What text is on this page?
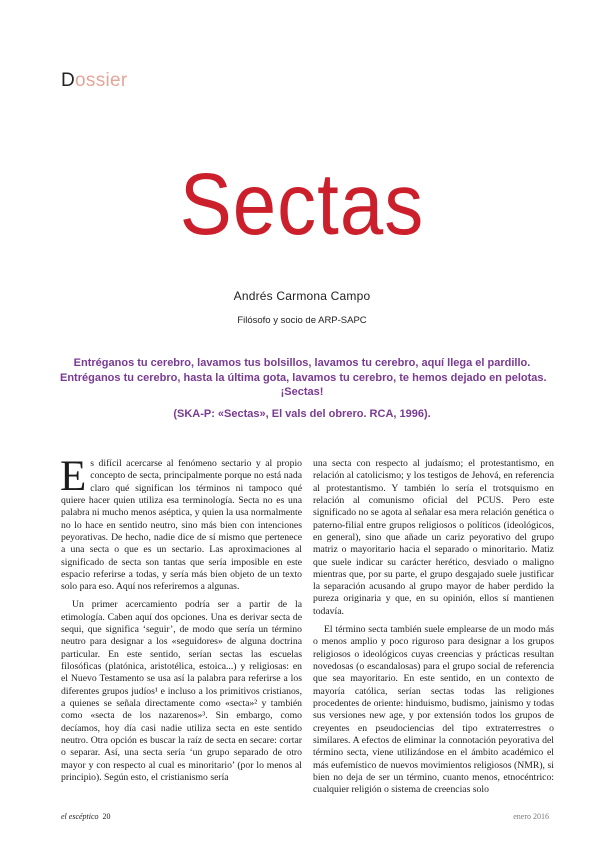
Dossier
Sectas
Andrés Carmona Campo
Filósofo y socio de ARP-SAPC
Entréganos tu cerebro, lavamos tus bolsillos, lavamos tu cerebro, aquí llega el pardillo.
Entréganos tu cerebro, hasta la última gota, lavamos tu cerebro, te hemos dejado en pelotas.
¡Sectas!
(SKA-P: «Sectas», El vals del obrero. RCA, 1996).
E s difícil acercarse al fenómeno sectario y al propio concepto de secta, principalmente porque no está nada claro qué significan los términos ni tampoco qué quiere hacer quien utiliza esa terminología. Secta no es una palabra ni mucho menos aséptica, y quien la usa normalmente no lo hace en sentido neutro, sino más bien con intenciones peyorativas. De hecho, nadie dice de sí mismo que pertenece a una secta o que es un sectario. Las aproximaciones al significado de secta son tantas que sería imposible en este espacio referirse a todas, y sería más bien objeto de un texto solo para eso. Aquí nos referiremos a algunas.

Un primer acercamiento podría ser a partir de la etimología. Caben aquí dos opciones. Una es derivar secta de sequi, que significa ‘seguir’, de modo que sería un término neutro para designar a los «seguidores» de alguna doctrina particular. En este sentido, serían sectas las escuelas filosóficas (platónica, aristotélica, estoica...) y religiosas: en el Nuevo Testamento se usa así la palabra para referirse a los diferentes grupos judíos¹ e incluso a los primitivos cristianos, a quienes se señala directamente como «secta»² y también como «secta de los nazarenos»³. Sin embargo, como decíamos, hoy día casi nadie utiliza secta en este sentido neutro. Otra opción es buscar la raíz de secta en secare: cortar o separar. Así, una secta sería ‘un grupo separado de otro mayor y con respecto al cual es minoritario’ (por lo menos al principio). Según esto, el cristianismo sería

una secta con respecto al judaísmo; el protestantismo, en relación al catolicismo; y los testigos de Jehová, en referencia al protestantismo. Y también lo sería el trotsquismo en relación al comunismo oficial del PCUS. Pero este significado no se agota al señalar esa mera relación genética o paterno-filial entre grupos religiosos o políticos (ideológicos, en general), sino que añade un cariz peyorativo del grupo matriz o mayoritario hacia el separado o minoritario. Matiz que suele indicar su carácter herético, desviado o maligno mientras que, por su parte, el grupo desgajado suele justificar la separación acusando al grupo mayor de haber perdido la pureza originaria y que, en su opinión, ellos sí mantienen todavía.

El término secta también suele emplearse de un modo más o menos amplio y poco riguroso para designar a los grupos religiosos o ideológicos cuyas creencias y prácticas resultan novedosas (o escandalosas) para el grupo social de referencia que sea mayoritario. En este sentido, en un contexto de mayoría católica, serían sectas todas las religiones procedentes de oriente: hinduismo, budismo, jainismo y todas sus versiones new age, y por extensión todos los grupos de creyentes en pseudociencias del tipo extraterrestres o similares. A efectos de eliminar la connotación peyorativa del término secta, viene utilizándose en el ámbito académico el más eufemístico de nuevos movimientos religiosos (NMR), si bien no deja de ser un término, cuanto menos, etnocéntrico: cualquier religión o sistema de creencias solo

el escéptico 20	enero 2016
